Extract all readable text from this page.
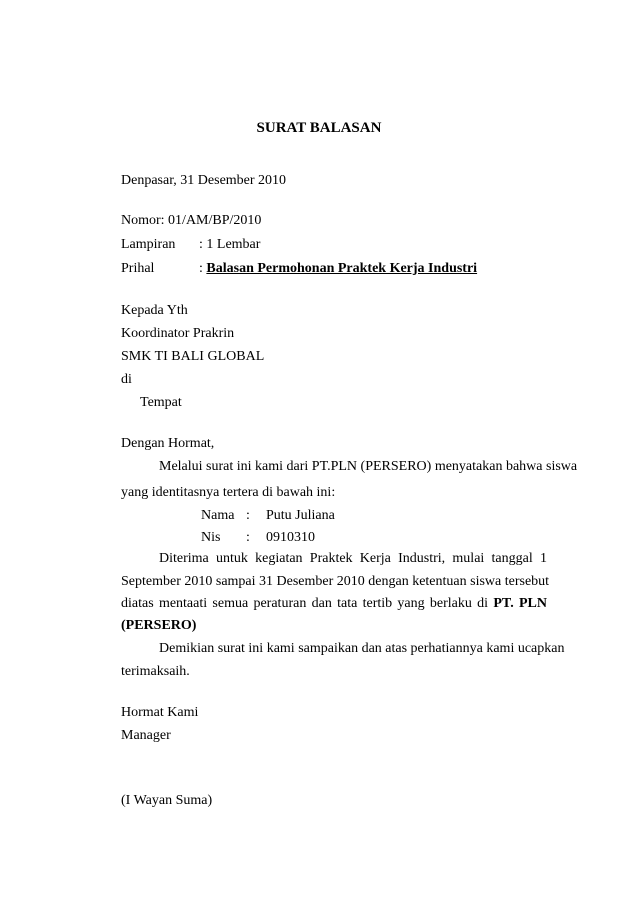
SURAT BALASAN
Denpasar, 31 Desember 2010
Nomor: 01/AM/BP/2010
Lampiran : 1 Lembar
Prihal	: Balasan Permohonan Praktek Kerja Industri
Kepada Yth
Koordinator Prakrin
SMK TI BALI GLOBAL
di
Tempat
Dengan Hormat,
Melalui surat ini kami dari PT.PLN (PERSERO) menyatakan bahwa siswa
yang identitasnya tertera di bawah ini:
Nama : Putu Juliana
Nis : 0910310
Diterima untuk kegiatan Praktek Kerja Industri, mulai tanggal 1
September 2010 sampai 31 Desember 2010 dengan ketentuan siswa tersebut
diatas mentaati semua peraturan dan tata tertib yang berlaku di PT. PLN
(PERSERO)
Demikian surat ini kami sampaikan dan atas perhatiannya kami ucapkan
terimaksaih.
Hormat Kami
Manager
(I Wayan Suma)
